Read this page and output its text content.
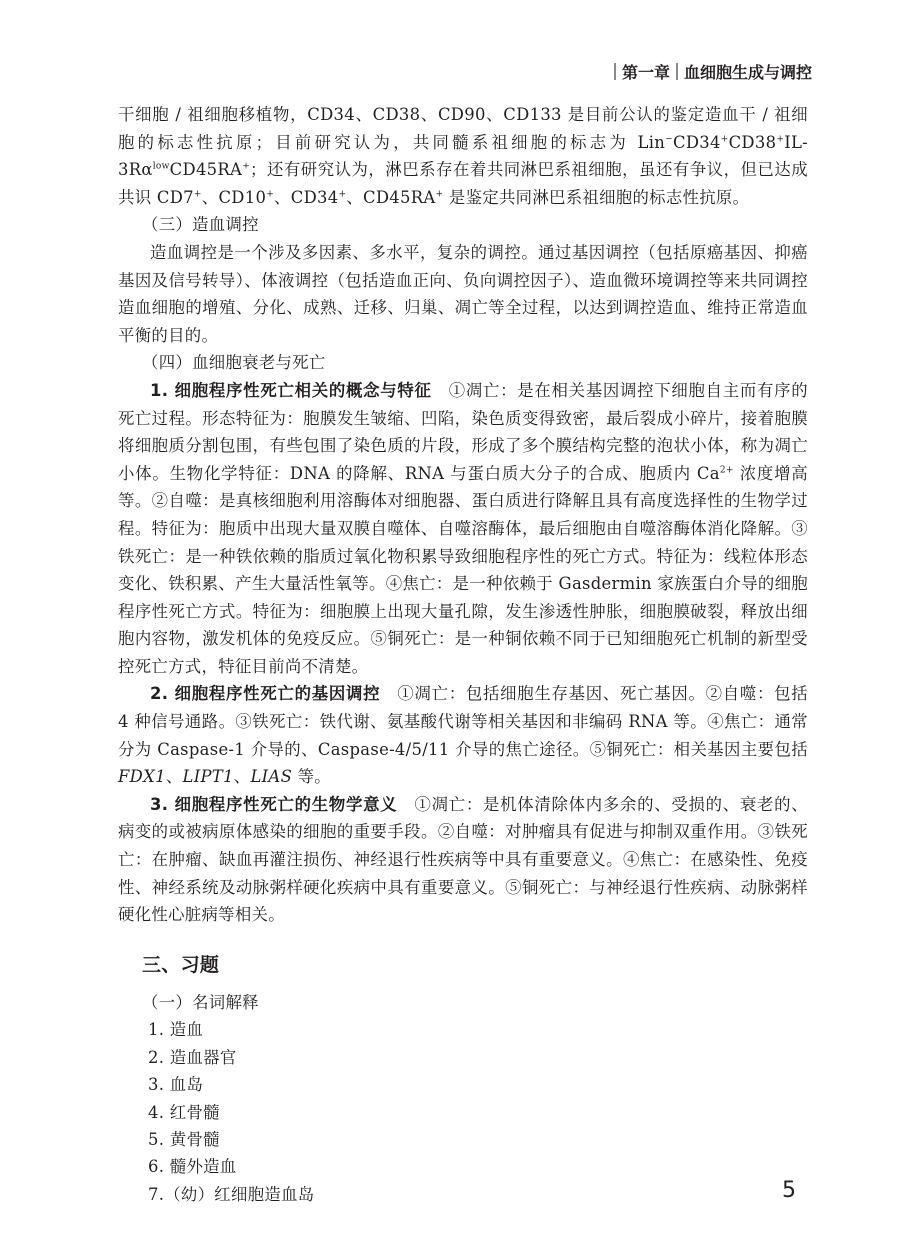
第一章 血细胞生成与调控

干细胞 / 祖细胞移植物，CD34、CD38、CD90、CD133 是目前公认的鉴定造血干 / 祖细胞的标志性抗原；目前研究认为，共同髓系祖细胞的标志为 $Lin^-CD34^+CD38^+IL-3R\alpha^{low}CD45RA^+$；还有研究认为，淋巴系存在着共同淋巴系祖细胞，虽还有争议，但已达成共识 CD7+、CD10+、CD34+、CD45RA+ 是鉴定共同淋巴系祖细胞的标志性抗原。

（三）造血调控

造血调控是一个涉及多因素、多水平，复杂的调控。通过基因调控（包括原癌基因、抑癌基因及信号转导）、体液调控（包括造血正向、负向调控因子）、造血微环境调控等来共同调控造血细胞的增殖、分化、成熟、迁移、归巢、凋亡等全过程，以达到调控造血、维持正常造血平衡的目的。

（四）血细胞衰老与死亡

1. 细胞程序性死亡相关的概念与特征　 ①凋亡：是在相关基因调控下细胞自主而有序的死亡过程。形态特征为：胞膜发生皱缩、凹陷，染色质变得致密，最后裂成小碎片，接着胞膜将细胞质分割包围，有些包围了染色质的片段，形成了多个膜结构完整的泡状小体，称为凋亡小体。生物化学特征：DNA 的降解、RNA 与蛋白质大分子的合成、胞质内 $Ca^{2+}$ 浓度增高等。②自噬：是真核细胞利用溶酶体对细胞器、蛋白质进行降解且具有高度选择性的生物学过程。特征为：胞质中出现大量双膜自噬体、自噬溶酶体，最后细胞由自噬溶酶体消化降解。③铁死亡：是一种铁依赖的脂质过氧化物积累导致细胞程序性的死亡方式。特征为：线粒体形态变化、铁积累、产生大量活性氧等。④焦亡：是一种依赖于 Gasdermin 家族蛋白介导的细胞程序性死亡方式。特征为：细胞膜上出现大量孔隙，发生渗透性肿胀，细胞膜破裂，释放出细胞内容物，激发机体的免疫反应。⑤铜死亡：是一种铜依赖不同于已知细胞死亡机制的新型受控死亡方式，特征目前尚不清楚。

2. 细胞程序性死亡的基因调控　 ①凋亡：包括细胞生存基因、死亡基因。②自噬：包括 4 种信号通路。③铁死亡：铁代谢、氨基酸代谢等相关基因和非编码 RNA 等。④焦亡：通常分为 Caspase-1 介导的、Caspase-4/5/11 介导的焦亡途径。⑤铜死亡：相关基因主要包括 FDX1、LIPT1、LIAS 等。

3. 细胞程序性死亡的生物学意义　 ①凋亡：是机体清除体内多余的、受损的、衰老的、病变的或被病原体感染的细胞的重要手段。②自噬：对肿瘤具有促进与抑制双重作用。③铁死亡：在肿瘤、缺血再灌注损伤、神经退行性疾病等中具有重要意义。④焦亡：在感染性、免疫性、神经系统及动脉粥样硬化疾病中具有重要意义。⑤铜死亡：与神经退行性疾病、动脉粥样硬化性心脏病等相关。

三、习题
（一）名词解释
1. 造血
2. 造血器官
3. 血岛
4. 红骨髓
5. 黄骨髓
6. 髓外造血
7.（幼）红细胞造血岛	5
